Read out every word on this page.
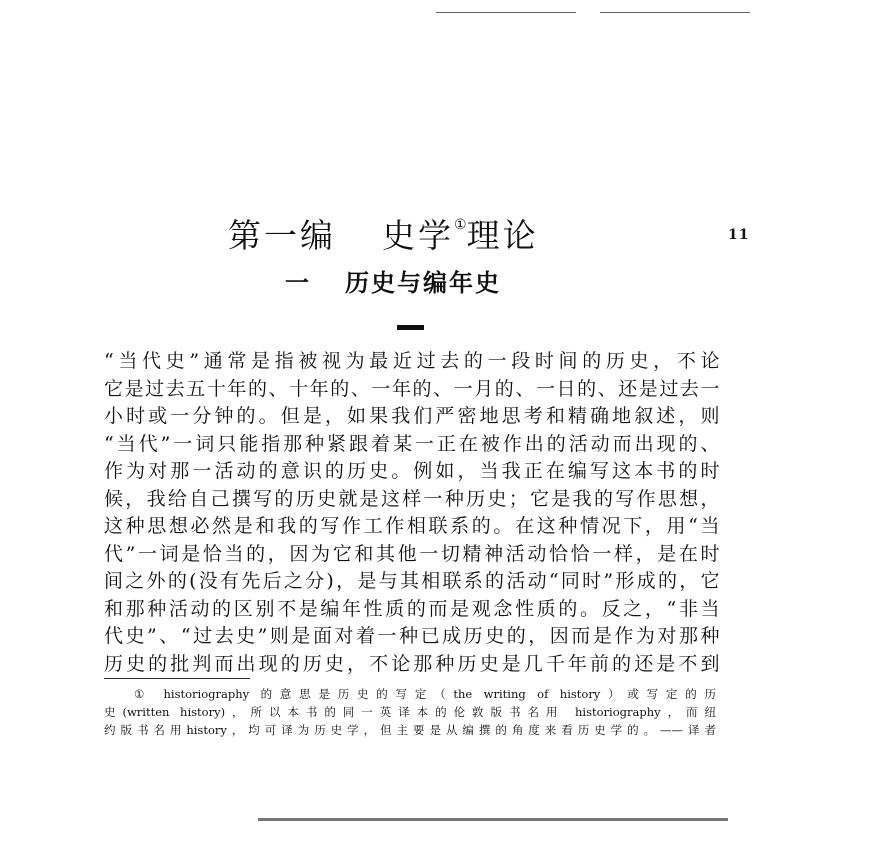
11
第一编 史学①理论
一 历史与编年史
“当代史”通常是指被视为最近过去的一段时间的历史，不论
它是过去五十年的、十年的、一年的、一月的、一日的、还是过去一
小时或一分钟的。但是，如果我们严密地思考和精确地叙述，则
“当代”一词只能指那种紧跟着某一正在被作出的活动而出现的、
作为对那一活动的意识的历史。例如，当我正在编写这本书的时
候，我给自己撰写的历史就是这样一种历史；它是我的写作思想，
这种思想必然是和我的写作工作相联系的。在这种情况下，用“当
代”一词是恰当的，因为它和其他一切精神活动恰恰一样，是在时
间之外的(没有先后之分)，是与其相联系的活动“同时”形成的，它
和那种活动的区别不是编年性质的而是观念性质的。反之，“非当
代史”、“过去史”则是面对着一种已成历史的，因而是作为对那种
历史的批判而出现的历史，不论那种历史是几千年前的还是不到
① historiography 的意思是历史的写定（the writing of history）或写定的历
史(written history)，所以本书的同一英译本的伦敦版书名用 historiography，而纽
约版书名用history，均可译为历史学，但主要是从编撰的角度来看历史学的。——译者
